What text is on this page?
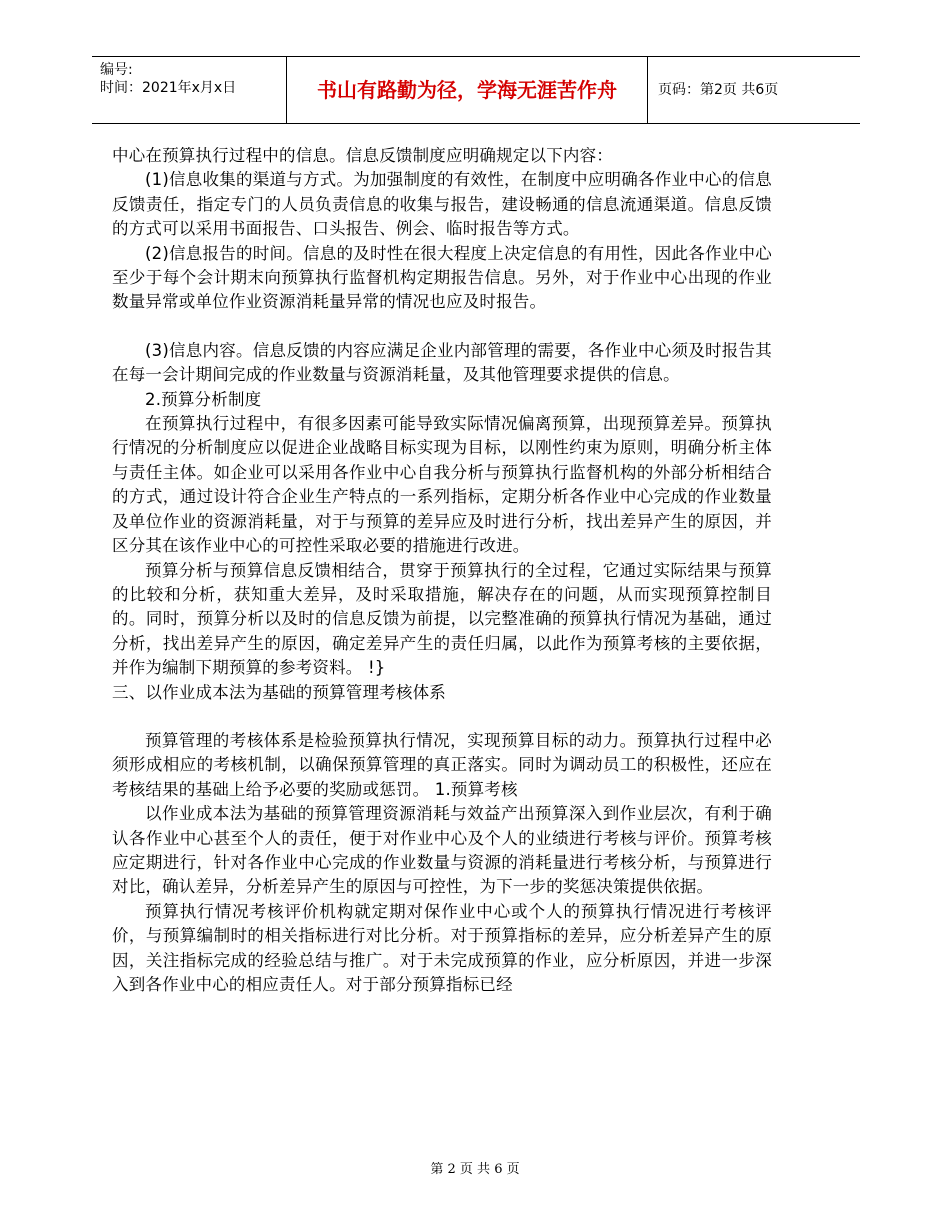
编号:
时间：2021年x月x日	书山有路勤为径，学海无涯苦作舟	页码：第2页 共6页

中心在预算执行过程中的信息。信息反馈制度应明确规定以下内容：

(1)信息收集的渠道与方式。为加强制度的有效性，在制度中应明确各作业中心的信息反馈责任，指定专门的人员负责信息的收集与报告，建设畅通的信息流通渠道。信息反馈的方式可以采用书面报告、口头报告、例会、临时报告等方式。

(2)信息报告的时间。信息的及时性在很大程度上决定信息的有用性，因此各作业中心至少于每个会计期末向预算执行监督机构定期报告信息。另外，对于作业中心出现的作业数量异常或单位作业资源消耗量异常的情况也应及时报告。

(3)信息内容。信息反馈的内容应满足企业内部管理的需要，各作业中心须及时报告其在每一会计期间完成的作业数量与资源消耗量，及其他管理要求提供的信息。

2.预算分析制度

在预算执行过程中，有很多因素可能导致实际情况偏离预算，出现预算差异。预算执行情况的分析制度应以促进企业战略目标实现为目标，以刚性约束为原则，明确分析主体与责任主体。如企业可以采用各作业中心自我分析与预算执行监督机构的外部分析相结合的方式，通过设计符合企业生产特点的一系列指标，定期分析各作业中心完成的作业数量及单位作业的资源消耗量，对于与预算的差异应及时进行分析，找出差异产生的原因，并区分其在该作业中心的可控性采取必要的措施进行改进。

预算分析与预算信息反馈相结合，贯穿于预算执行的全过程，它通过实际结果与预算的比较和分析，获知重大差异，及时采取措施，解决存在的问题，从而实现预算控制目的。同时，预算分析以及时的信息反馈为前提，以完整准确的预算执行情况为基础，通过分析，找出差异产生的原因，确定差异产生的责任归属，以此作为预算考核的主要依据，并作为编制下期预算的参考资料。 !}

三、以作业成本法为基础的预算管理考核体系

预算管理的考核体系是检验预算执行情况，实现预算目标的动力。预算执行过程中必须形成相应的考核机制，以确保预算管理的真正落实。同时为调动员工的积极性，还应在考核结果的基础上给予必要的奖励或惩罚。 1.预算考核

以作业成本法为基础的预算管理资源消耗与效益产出预算深入到作业层次，有利于确认各作业中心甚至个人的责任，便于对作业中心及个人的业绩进行考核与评价。预算考核应定期进行，针对各作业中心完成的作业数量与资源的消耗量进行考核分析，与预算进行对比，确认差异，分析差异产生的原因与可控性，为下一步的奖惩决策提供依据。

预算执行情况考核评价机构就定期对保作业中心或个人的预算执行情况进行考核评价，与预算编制时的相关指标进行对比分析。对于预算指标的差异，应分析差异产生的原因，关注指标完成的经验总结与推广。对于未完成预算的作业，应分析原因，并进一步深入到各作业中心的相应责任人。对于部分预算指标已经

第 2 页 共 6 页
